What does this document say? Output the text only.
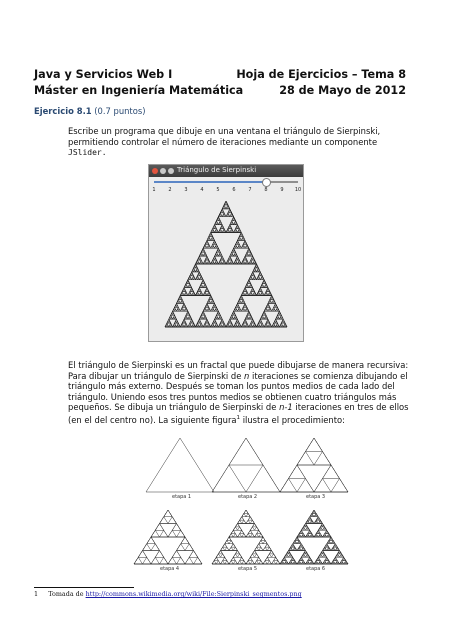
Java y Servicios Web I
Máster en Ingeniería Matemática
Hoja de Ejercicios – Tema 8
28 de Mayo de 2012
Ejercicio 8.1 (0.7 puntos)
Escribe un programa que dibuje en una ventana el triángulo de Sierpinski, permitiendo controlar el número de iteraciones mediante un componente JSlider.
Triángulo de Sierpinski
1	2	3	4	5	6	7	8	9 10
El triángulo de Sierpinski es un fractal que puede dibujarse de manera recursiva: Para dibujar un triángulo de Sierpinski de n iteraciones se comienza dibujando el triángulo más externo. Después se toman los puntos medios de cada lado del triángulo. Uniendo esos tres puntos medios se obtienen cuatro triángulos más pequeños. Se dibuja un triángulo de Sierpinski de n-1 iteraciones en tres de ellos (en el del centro no). La siguiente figura$^1$ ilustra el procedimiento:
etapa 1	etapa 2	etapa 3
etapa 4	etapa 5	etapa 6
1 Tomada de http://commons.wikimedia.org/wiki/File:Sierpinski_segmentos.png
